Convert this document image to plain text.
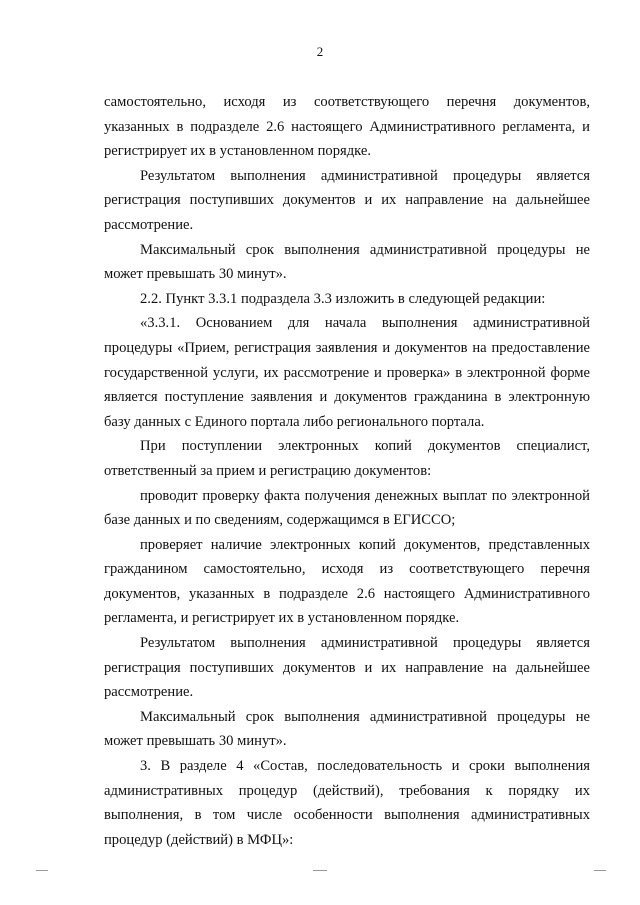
2

самостоятельно, исходя из соответствующего перечня документов,
указанных в подразделе 2.6 настоящего Административного регламента, и
регистрирует их в установленном порядке.

Результатом выполнения административной процедуры является
регистрация поступивших документов и их направление на дальнейшее
рассмотрение.

Максимальный срок выполнения административной процедуры не
может превышать 30 минут».

2.2. Пункт 3.3.1 подраздела 3.3 изложить в следующей редакции:

«3.3.1. Основанием для начала выполнения административной
процедуры «Прием, регистрация заявления и документов на предоставление
государственной услуги, их рассмотрение и проверка» в электронной форме
является поступление заявления и документов гражданина в электронную
базу данных с Единого портала либо регионального портала.

При поступлении электронных копий документов специалист,
ответственный за прием и регистрацию документов:

проводит проверку факта получения денежных выплат по электронной
базе данных и по сведениям, содержащимся в ЕГИССО;

проверяет наличие электронных копий документов, представленных
гражданином самостоятельно, исходя из соответствующего перечня
документов, указанных в подразделе 2.6 настоящего Административного
регламента, и регистрирует их в установленном порядке.

Результатом выполнения административной процедуры является
регистрация поступивших документов и их направление на дальнейшее
рассмотрение.

Максимальный срок выполнения административной процедуры не
может превышать 30 минут».

3. В разделе 4 «Состав, последовательность и сроки выполнения
административных процедур (действий), требования к порядку их
выполнения, в том числе особенности выполнения административных
процедур (действий) в МФЦ»:
